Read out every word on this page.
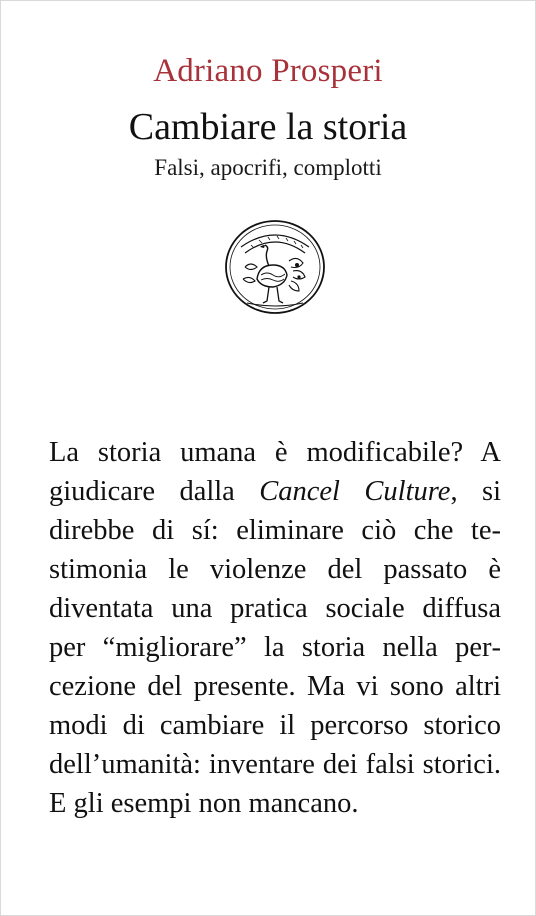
Adriano Prosperi
Cambiare la storia
Falsi, apocrifi, complotti
La storia umana è modificabile? A giudicare dalla Cancel Culture, si direbbe di sí: eliminare ciò che testimonia le violenze del passato è diventata una pratica sociale diffusa per “migliorare” la storia nella percezione del presente. Ma vi sono altri modi di cambiare il percorso storico dell’umanità: inventare dei falsi storici. E gli esempi non mancano.
